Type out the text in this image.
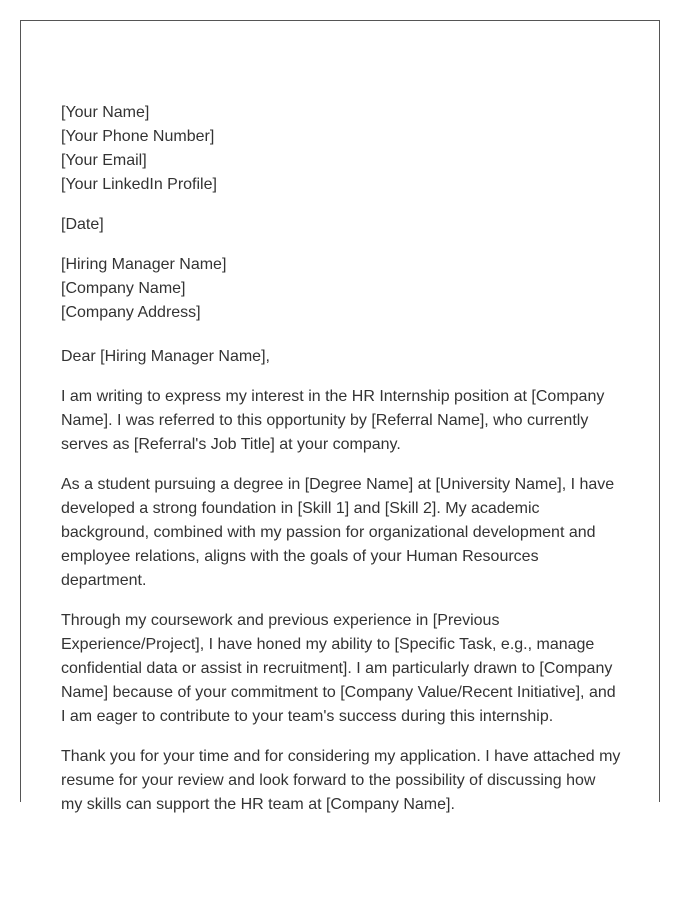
[Your Name]
[Your Phone Number]
[Your Email]
[Your LinkedIn Profile]
[Date]
[Hiring Manager Name]
[Company Name]
[Company Address]
Dear [Hiring Manager Name],

I am writing to express my interest in the HR Internship position at [Company
Name]. I was referred to this opportunity by [Referral Name], who currently
serves as [Referral's Job Title] at your company.

As a student pursuing a degree in [Degree Name] at [University Name], I have
developed a strong foundation in [Skill 1] and [Skill 2]. My academic
background, combined with my passion for organizational development and
employee relations, aligns with the goals of your Human Resources
department.

Through my coursework and previous experience in [Previous
Experience/Project], I have honed my ability to [Specific Task, e.g., manage
confidential data or assist in recruitment]. I am particularly drawn to [Company
Name] because of your commitment to [Company Value/Recent Initiative], and
I am eager to contribute to your team's success during this internship.

Thank you for your time and for considering my application. I have attached my
resume for your review and look forward to the possibility of discussing how
my skills can support the HR team at [Company Name].
